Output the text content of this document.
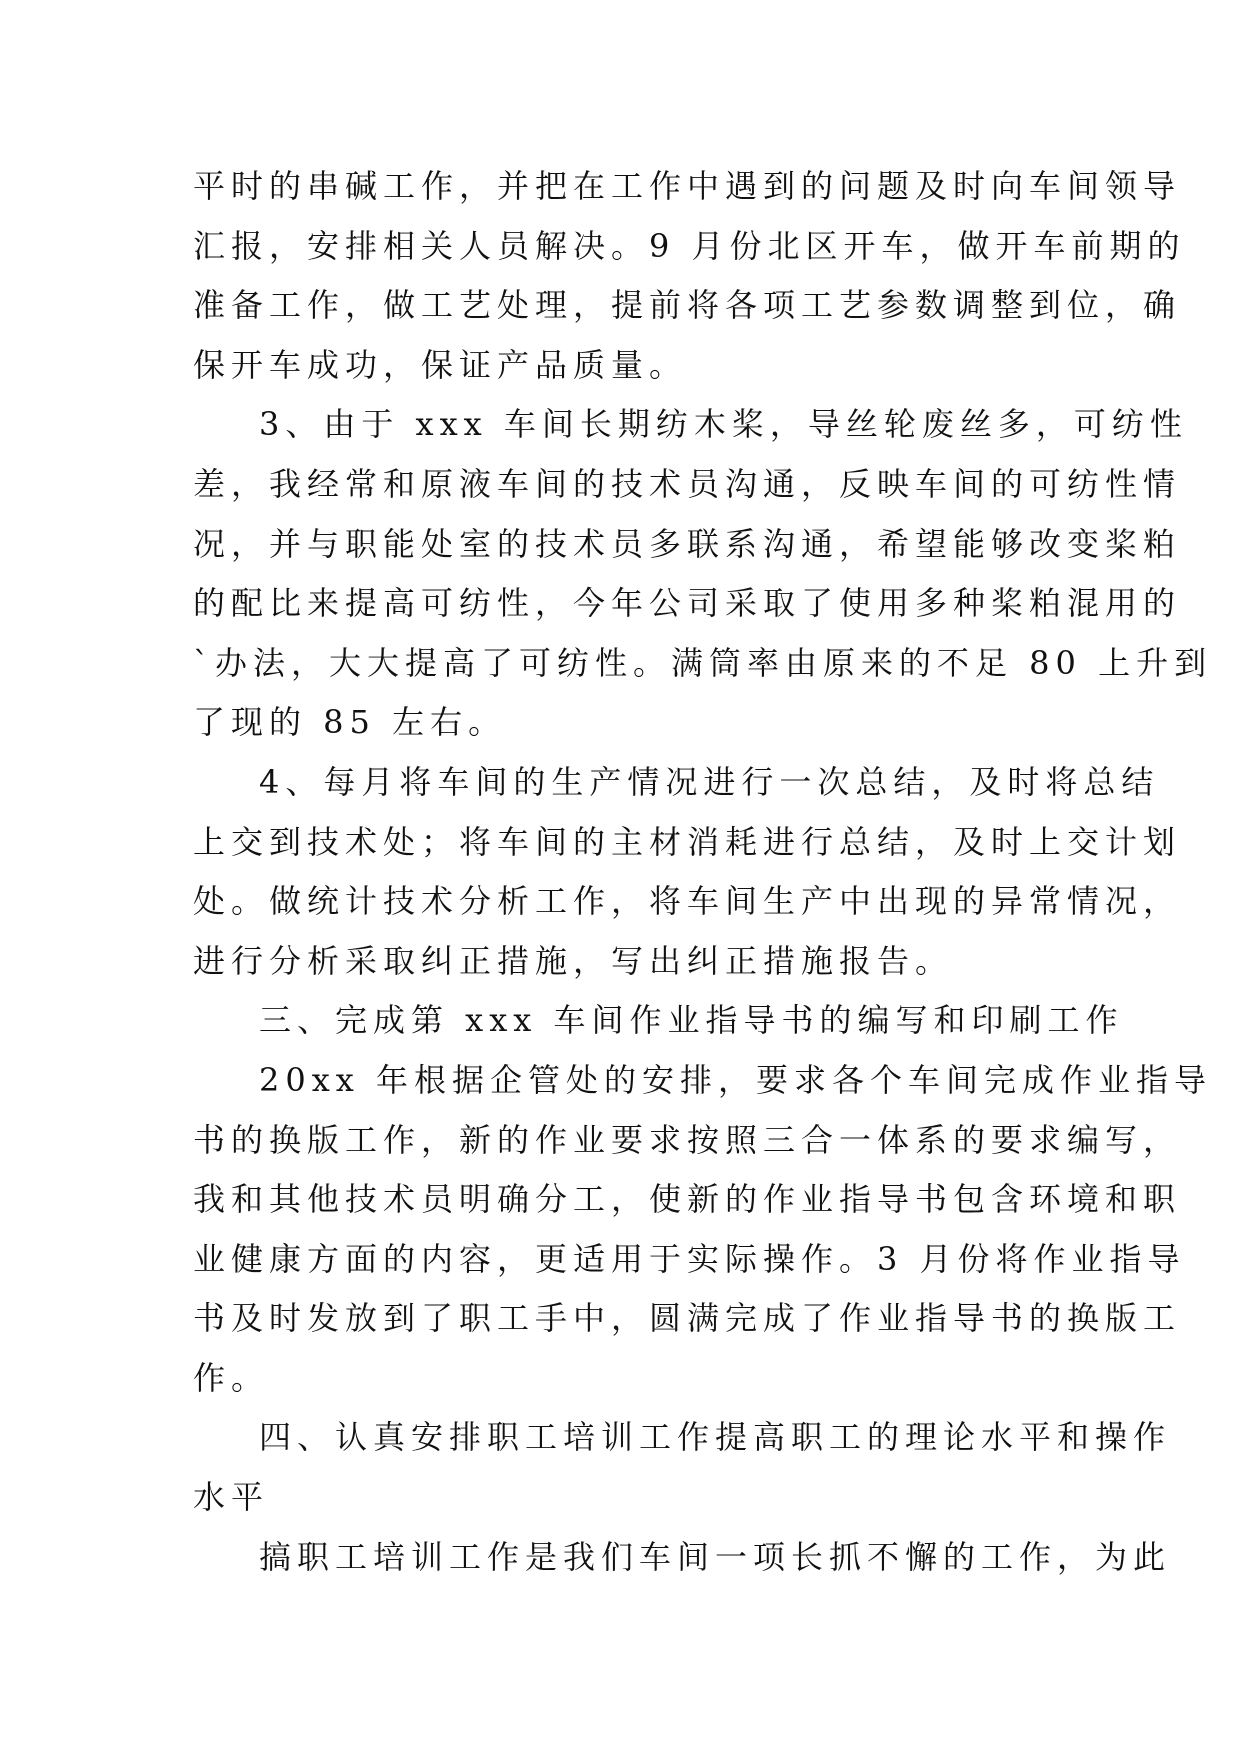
平时的串碱工作，并把在工作中遇到的问题及时向车间领导
汇报，安排相关人员解决。9 月份北区开车，做开车前期的
准备工作，做工艺处理，提前将各项工艺参数调整到位，确
保开车成功，保证产品质量。
3、由于 xxx 车间长期纺木桨，导丝轮废丝多，可纺性
差，我经常和原液车间的技术员沟通，反映车间的可纺性情
况，并与职能处室的技术员多联系沟通，希望能够改变桨粕
的配比来提高可纺性，今年公司采取了使用多种桨粕混用的
`办法，大大提高了可纺性。满筒率由原来的不足 80 上升到
了现的 85 左右。
4、每月将车间的生产情况进行一次总结，及时将总结
上交到技术处；将车间的主材消耗进行总结，及时上交计划
处。做统计技术分析工作，将车间生产中出现的异常情况，
进行分析采取纠正措施，写出纠正措施报告。
三、完成第 xxx 车间作业指导书的编写和印刷工作
20xx 年根据企管处的安排，要求各个车间完成作业指导
书的换版工作，新的作业要求按照三合一体系的要求编写，
我和其他技术员明确分工，使新的作业指导书包含环境和职
业健康方面的内容，更适用于实际操作。3 月份将作业指导
书及时发放到了职工手中，圆满完成了作业指导书的换版工
作。
四、认真安排职工培训工作提高职工的理论水平和操作
水平
搞职工培训工作是我们车间一项长抓不懈的工作，为此
